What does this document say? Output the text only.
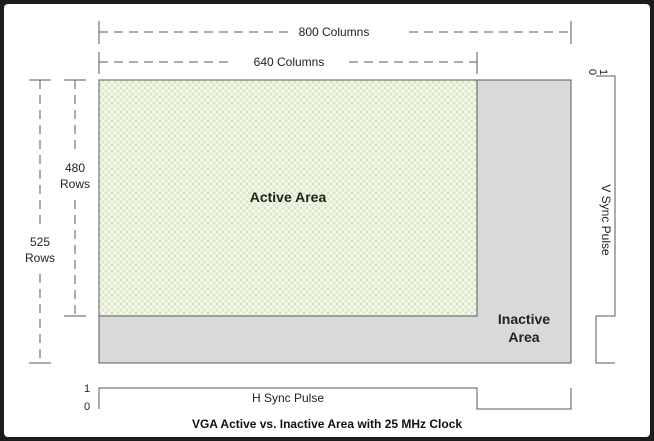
800 Columns
640 Columns
525
Rows
480
Rows
Active Area
Inactive
Area
1
0
V Sync Pulse
1
0
H Sync Pulse
VGA Active vs. Inactive Area with 25 MHz Clock
